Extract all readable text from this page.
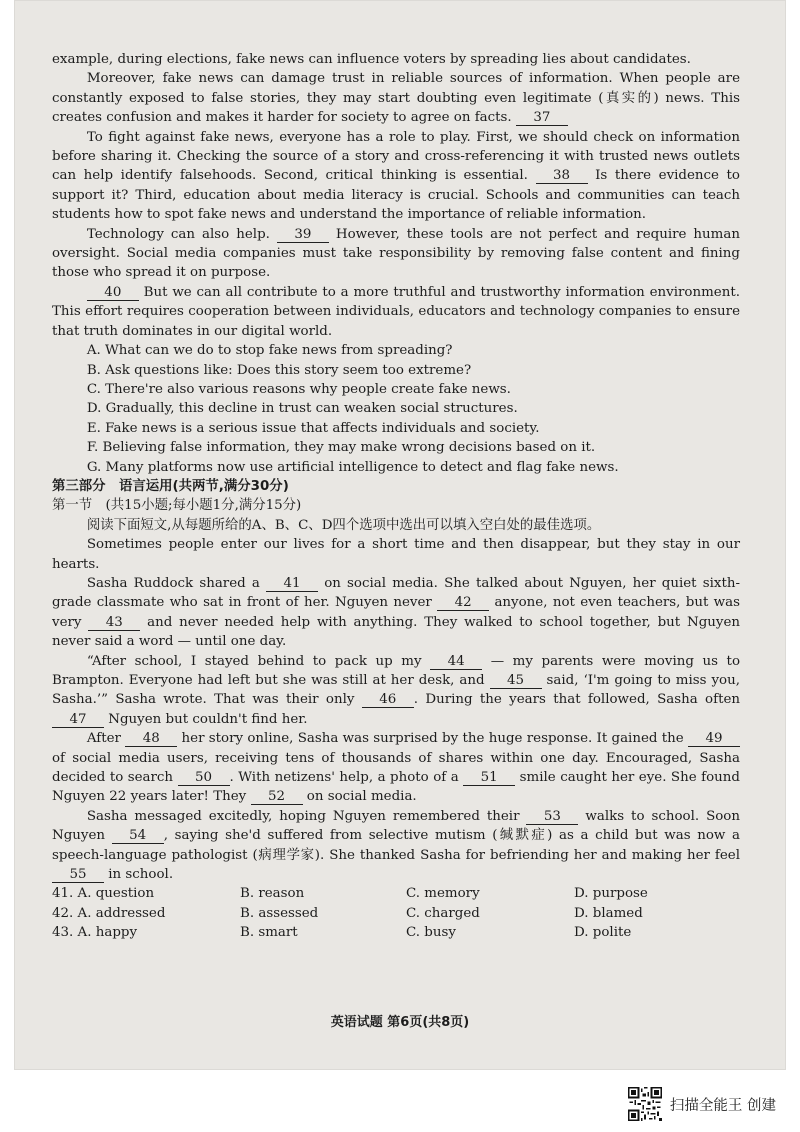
example, during elections, fake news can influence voters by spreading lies about candidates.

Moreover, fake news can damage trust in reliable sources of information. When people are constantly exposed to false stories, they may start doubting even legitimate (真实的) news. This creates confusion and makes it harder for society to agree on facts. 37

To fight against fake news, everyone has a role to play. First, we should check on information before sharing it. Checking the source of a story and cross-referencing it with trusted news outlets can help identify falsehoods. Second, critical thinking is essential. 38 Is there evidence to support it? Third, education about media literacy is crucial. Schools and communities can teach students how to spot fake news and understand the importance of reliable information.

Technology can also help. 39 However, these tools are not perfect and require human oversight. Social media companies must take responsibility by removing false content and fining those who spread it on purpose.

40 But we can all contribute to a more truthful and trustworthy information environment. This effort requires cooperation between individuals, educators and technology companies to ensure that truth dominates in our digital world.

A. What can we do to stop fake news from spreading?

B. Ask questions like: Does this story seem too extreme?

C. There're also various reasons why people create fake news.

D. Gradually, this decline in trust can weaken social structures.

E. Fake news is a serious issue that affects individuals and society.

F. Believing false information, they may make wrong decisions based on it.

G. Many platforms now use artificial intelligence to detect and flag fake news.

第三部分　语言运用(共两节,满分30分)

第一节　(共15小题;每小题1分,满分15分)

阅读下面短文,从每题所给的A、B、C、D四个选项中选出可以填入空白处的最佳选项。

Sometimes people enter our lives for a short time and then disappear, but they stay in our hearts.

Sasha Ruddock shared a 41 on social media. She talked about Nguyen, her quiet sixth-grade classmate who sat in front of her. Nguyen never 42 anyone, not even teachers, but was very 43 and never needed help with anything. They walked to school together, but Nguyen never said a word — until one day.

“After school, I stayed behind to pack up my 44 — my parents were moving us to Brampton. Everyone had left but she was still at her desk, and 45 said, ‘I'm going to miss you, Sasha.’” Sasha wrote. That was their only 46 . During the years that followed, Sasha often 47 Nguyen but couldn't find her.

After 48 her story online, Sasha was surprised by the huge response. It gained the 49 of social media users, receiving tens of thousands of shares within one day. Encouraged, Sasha decided to search 50 . With netizens' help, a photo of a 51 smile caught her eye. She found Nguyen 22 years later! They 52 on social media.

Sasha messaged excitedly, hoping Nguyen remembered their 53 walks to school. Soon Nguyen 54 , saying she'd suffered from selective mutism (缄默症) as a child but was now a speech-language pathologist (病理学家). She thanked Sasha for befriending her and making her feel 55 in school.

41. A. question	B. reason	C. memory	D. purpose
42. A. addressed	B. assessed	C. charged	D. blamed
43. A. happy	B. smart	C. busy	D. polite
英语试题 第6页(共8页)
扫描全能王 创建
